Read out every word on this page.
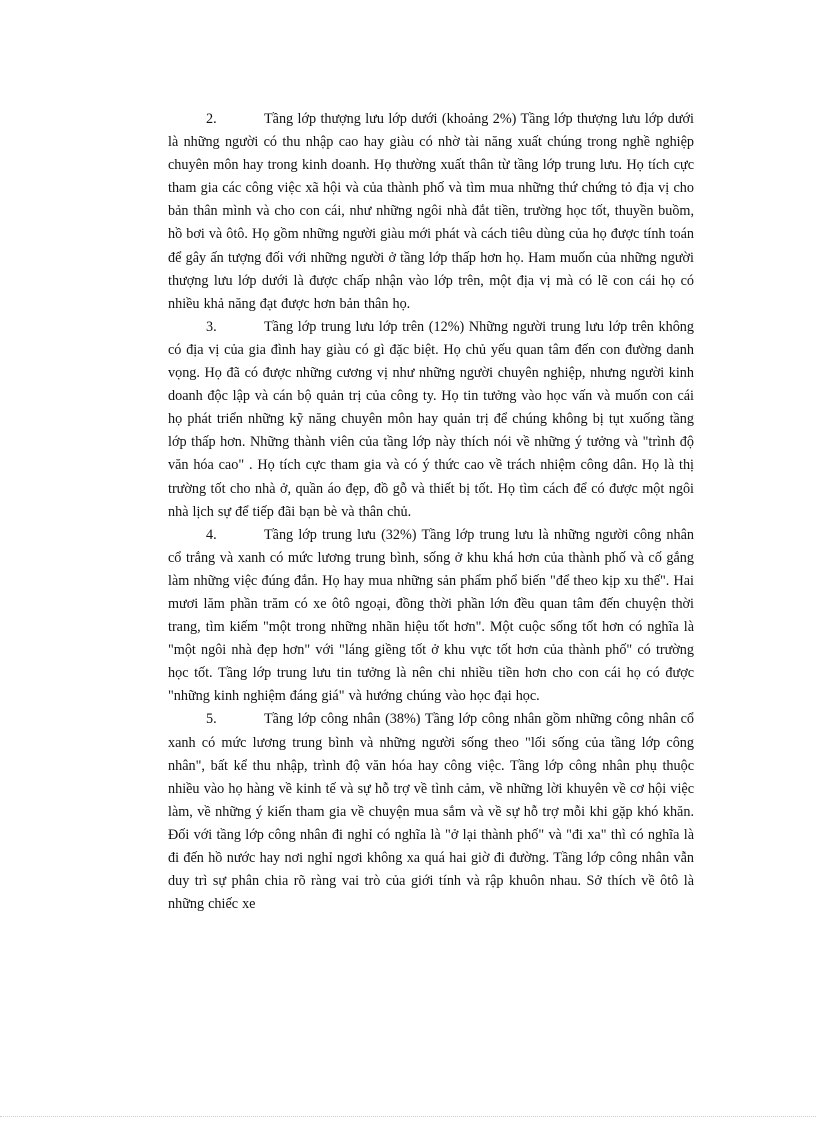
2.	Tầng lớp thượng lưu lớp dưới (khoảng 2%) Tầng lớp thượng lưu lớp dưới là những người có thu nhập cao hay giàu có nhờ tài năng xuất chúng trong nghề nghiệp chuyên môn hay trong kinh doanh. Họ thường xuất thân từ tầng lớp trung lưu. Họ tích cực tham gia các công việc xã hội và của thành phố và tìm mua những thứ chứng tỏ địa vị cho bản thân mình và cho con cái, như những ngôi nhà đắt tiền, trường học tốt, thuyền buồm, hồ bơi và ôtô. Họ gồm những người giàu mới phát và cách tiêu dùng của họ được tính toán để gây ấn tượng đối với những người ở tầng lớp thấp hơn họ. Ham muốn của những người thượng lưu lớp dưới là được chấp nhận vào lớp trên, một địa vị mà có lẽ con cái họ có nhiều khả năng đạt được hơn bản thân họ.

3.	Tầng lớp trung lưu lớp trên (12%) Những người trung lưu lớp trên không có địa vị của gia đình hay giàu có gì đặc biệt. Họ chủ yếu quan tâm đến con đường danh vọng. Họ đã có được những cương vị như những người chuyên nghiệp, nhưng người kinh doanh độc lập và cán bộ quản trị của công ty. Họ tin tưởng vào học vấn và muốn con cái họ phát triển những kỹ năng chuyên môn hay quản trị để chúng không bị tụt xuống tầng lớp thấp hơn. Những thành viên của tầng lớp này thích nói về những ý tưởng và "trình độ văn hóa cao" . Họ tích cực tham gia và có ý thức cao về trách nhiệm công dân. Họ là thị trường tốt cho nhà ở, quần áo đẹp, đồ gỗ và thiết bị tốt. Họ tìm cách để có được một ngôi nhà lịch sự để tiếp đãi bạn bè và thân chủ.

4.	Tầng lớp trung lưu (32%) Tầng lớp trung lưu là những người công nhân cổ trắng và xanh có mức lương trung bình, sống ở khu khá hơn của thành phố và cố gắng làm những việc đúng đắn. Họ hay mua những sản phẩm phổ biến "để theo kịp xu thế". Hai mươi lăm phần trăm có xe ôtô ngoại, đồng thời phần lớn đều quan tâm đến chuyện thời trang, tìm kiếm "một trong những nhãn hiệu tốt hơn". Một cuộc sống tốt hơn có nghĩa là "một ngôi nhà đẹp hơn" với "láng giềng tốt ở khu vực tốt hơn của thành phố" có trường học tốt. Tầng lớp trung lưu tin tưởng là nên chi nhiều tiền hơn cho con cái họ có được "những kinh nghiệm đáng giá" và hướng chúng vào học đại học.

5.	Tầng lớp công nhân (38%) Tầng lớp công nhân gồm những công nhân cổ xanh có mức lương trung bình và những người sống theo "lối sống của tầng lớp công nhân", bất kể thu nhập, trình độ văn hóa hay công việc. Tầng lớp công nhân phụ thuộc nhiều vào họ hàng về kinh tế và sự hỗ trợ về tình cảm, về những lời khuyên về cơ hội việc làm, về những ý kiến tham gia về chuyện mua sắm và về sự hỗ trợ mỗi khi gặp khó khăn. Đối với tầng lớp công nhân đi nghỉ có nghĩa là "ở lại thành phố" và "đi xa" thì có nghĩa là đi đến hồ nước hay nơi nghỉ ngơi không xa quá hai giờ đi đường. Tầng lớp công nhân vẫn duy trì sự phân chia rõ ràng vai trò của giới tính và rập khuôn nhau. Sở thích về ôtô là những chiếc xe
